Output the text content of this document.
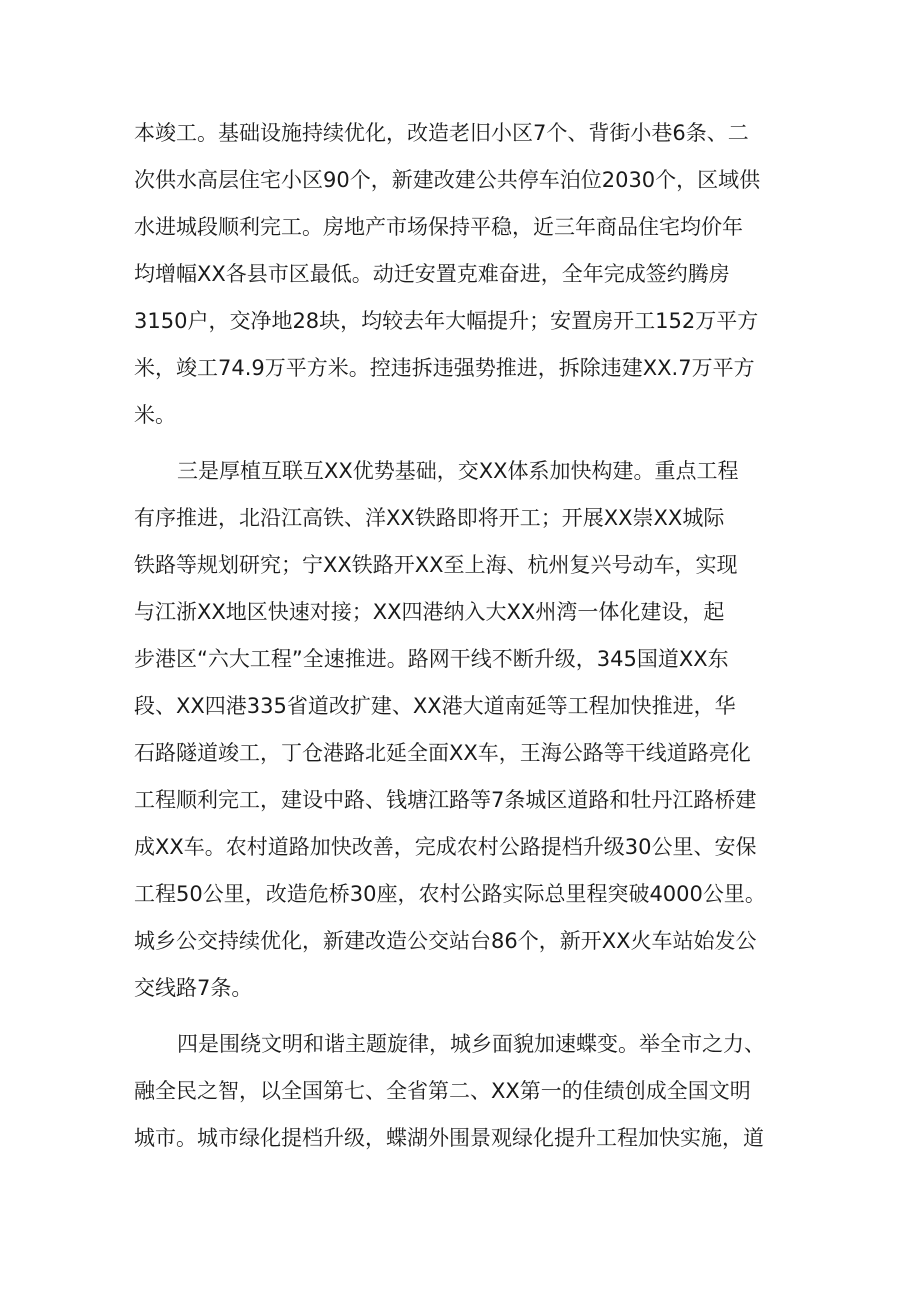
本竣工。基础设施持续优化，改造老旧小区7个、背街小巷6条、二

次供水高层住宅小区90个，新建改建公共停车泊位2030个，区域供

水进城段顺利完工。房地产市场保持平稳，近三年商品住宅均价年

均增幅XX各县市区最低。动迁安置克难奋进，全年完成签约腾房

3150户，交净地28块，均较去年大幅提升；安置房开工152万平方

米，竣工74.9万平方米。控违拆违强势推进，拆除违建XX.7万平方

米。

三是厚植互联互XX优势基础，交XX体系加快构建。重点工程

有序推进，北沿江高铁、洋XX铁路即将开工；开展XX崇XX城际

铁路等规划研究；宁XX铁路开XX至上海、杭州复兴号动车，实现

与江浙XX地区快速对接；XX四港纳入大XX州湾一体化建设，起

步港区“六大工程”全速推进。路网干线不断升级，345国道XX东

段、XX四港335省道改扩建、XX港大道南延等工程加快推进，华

石路隧道竣工，丁仓港路北延全面XX车，王海公路等干线道路亮化

工程顺利完工，建设中路、钱塘江路等7条城区道路和牡丹江路桥建

成XX车。农村道路加快改善，完成农村公路提档升级30公里、安保

工程50公里，改造危桥30座，农村公路实际总里程突破4000公里。

城乡公交持续优化，新建改造公交站台86个，新开XX火车站始发公

交线路7条。

四是围绕文明和谐主题旋律，城乡面貌加速蝶变。举全市之力、

融全民之智，以全国第七、全省第二、XX第一的佳绩创成全国文明

城市。城市绿化提档升级，蝶湖外围景观绿化提升工程加快实施，道
